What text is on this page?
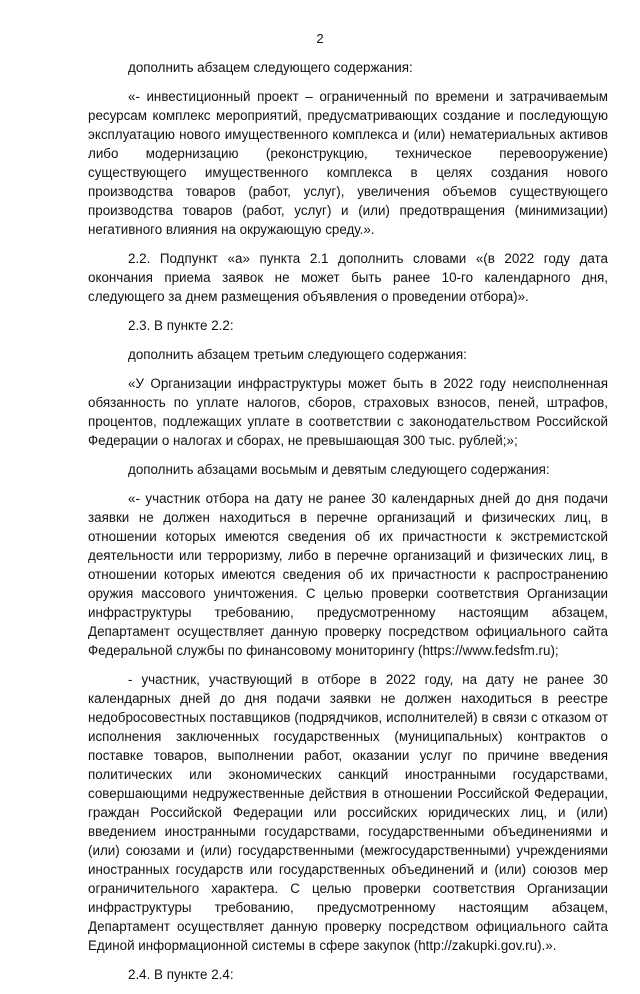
2

дополнить абзацем следующего содержания:

«- инвестиционный проект – ограниченный по времени и затрачиваемым ресурсам комплекс мероприятий, предусматривающих создание и последующую эксплуатацию нового имущественного комплекса и (или) нематериальных активов либо модернизацию (реконструкцию, техническое перевооружение) существующего имущественного комплекса в целях создания нового производства товаров (работ, услуг), увеличения объемов существующего производства товаров (работ, услуг) и (или) предотвращения (минимизации) негативного влияния на окружающую среду.».

2.2. Подпункт «а» пункта 2.1 дополнить словами «(в 2022 году дата окончания приема заявок не может быть ранее 10-го календарного дня, следующего за днем размещения объявления о проведении отбора)».

2.3. В пункте 2.2:

дополнить абзацем третьим следующего содержания:

«У Организации инфраструктуры может быть в 2022 году неисполненная обязанность по уплате налогов, сборов, страховых взносов, пеней, штрафов, процентов, подлежащих уплате в соответствии с законодательством Российской Федерации о налогах и сборах, не превышающая 300 тыс. рублей;»;

дополнить абзацами восьмым и девятым следующего содержания:

«- участник отбора на дату не ранее 30 календарных дней до дня подачи заявки не должен находиться в перечне организаций и физических лиц, в отношении которых имеются сведения об их причастности к экстремистской деятельности или терроризму, либо в перечне организаций и физических лиц, в отношении которых имеются сведения об их причастности к распространению оружия массового уничтожения. С целью проверки соответствия Организации инфраструктуры требованию, предусмотренному настоящим абзацем, Департамент осуществляет данную проверку посредством официального сайта Федеральной службы по финансовому мониторингу (https://www.fedsfm.ru);

- участник, участвующий в отборе в 2022 году, на дату не ранее 30 календарных дней до дня подачи заявки не должен находиться в реестре недобросовестных поставщиков (подрядчиков, исполнителей) в связи с отказом от исполнения заключенных государственных (муниципальных) контрактов о поставке товаров, выполнении работ, оказании услуг по причине введения политических или экономических санкций иностранными государствами, совершающими недружественные действия в отношении Российской Федерации, граждан Российской Федерации или российских юридических лиц, и (или) введением иностранными государствами, государственными объединениями и (или) союзами и (или) государственными (межгосударственными) учреждениями иностранных государств или государственных объединений и (или) союзов мер ограничительного характера. С целью проверки соответствия Организации инфраструктуры требованию, предусмотренному настоящим абзацем, Департамент осуществляет данную проверку посредством официального сайта Единой информационной системы в сфере закупок (http://zakupki.gov.ru).».

2.4. В пункте 2.4:
